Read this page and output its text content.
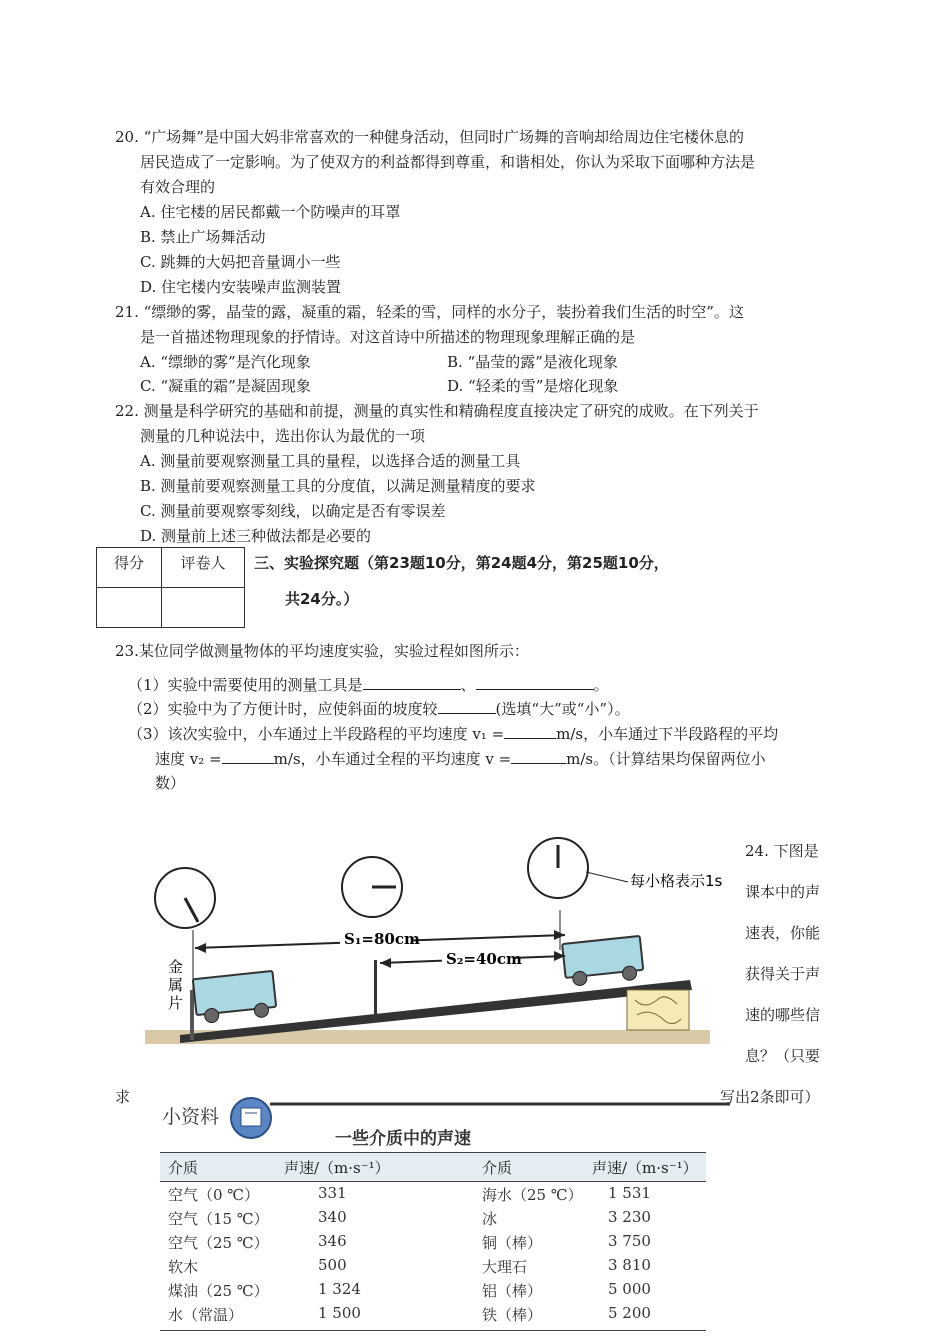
20. “广场舞”是中国大妈非常喜欢的一种健身活动，但同时广场舞的音响却给周边住宅楼休息的
居民造成了一定影响。为了使双方的利益都得到尊重，和谐相处，你认为采取下面哪种方法是
有效合理的
A. 住宅楼的居民都戴一个防噪声的耳罩
B. 禁止广场舞活动
C. 跳舞的大妈把音量调小一些
D. 住宅楼内安装噪声监测装置
21. “缥缈的雾，晶莹的露，凝重的霜，轻柔的雪，同样的水分子，装扮着我们生活的时空”。这
是一首描述物理现象的抒情诗。对这首诗中所描述的物理现象理解正确的是
A. “缥缈的雾”是汽化现象	B. “晶莹的露”是液化现象
C. “凝重的霜”是凝固现象	D. “轻柔的雪”是熔化现象
22. 测量是科学研究的基础和前提，测量的真实性和精确程度直接决定了研究的成败。在下列关于
测量的几种说法中，选出你认为最优的一项
A. 测量前要观察测量工具的量程，以选择合适的测量工具
B. 测量前要观察测量工具的分度值，以满足测量精度的要求
C. 测量前要观察零刻线，以确定是否有零误差
D. 测量前上述三种做法都是必要的
得分	评卷人
	三、实验探究题（第23题10分，第24题4分，第25题10分，
共24分。）
23.某位同学做测量物体的平均速度实验，实验过程如图所示：
（1）实验中需要使用的测量工具是	、	。
（2）实验中为了方便计时，应使斜面的坡度较	(选填“大”或“小”）。
（3）该次实验中，小车通过上半段路程的平均速度 v₁ =	m/s，小车通过下半段路程的平均
速度 v₂ =	m/s，小车通过全程的平均速度 v =	m/s。（计算结果均保留两位小
数）
S₁=80cm
S₂=40cm
每小格表示1s
金
属
片
24. 下图是
课本中的声
速表，你能
获得关于声
速的哪些信
息？（只要
求	写出2条即可）
小资料
一些介质中的声速
介质	声速/（m·s⁻¹）	介质	声速/（m·s⁻¹）
空气（0 ℃）	331	海水（25 ℃） 1 531
空气（15 ℃）	340	冰	3 230
空气（25 ℃）	346	铜（棒）	3 750
软木	500	大理石	3 810
煤油（25 ℃）	1 324	铝（棒）	5 000
水（常温）	1 500	铁（棒）	5 200
